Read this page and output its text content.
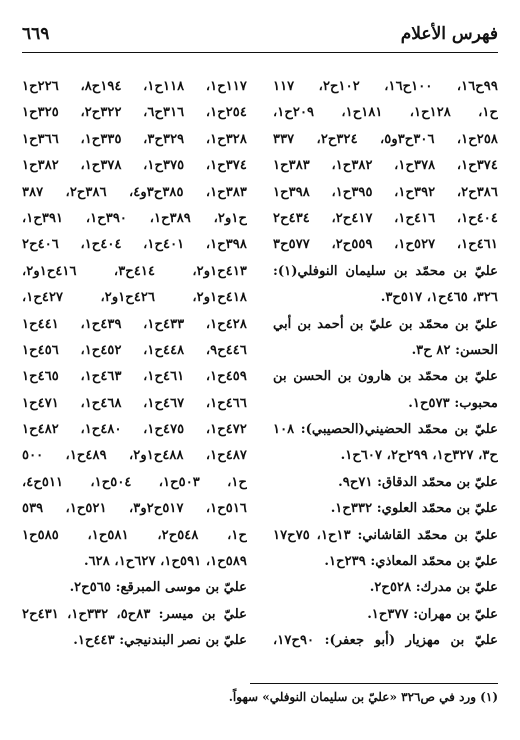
فهرس الأعلام
٦٦٩
٩٩ح١٦، ١٠٠ح١٦، ١٠٢ح٢، ١١٧
ح١، ١٢٨ح١، ١٨١ح١، ٢٠٩ح١،
٢٥٨ح١، ٣٠٦ح٣و٥، ٣٢٤ح٢، ٣٣٧
٣٧٤ح١، ٣٧٨ح١، ٣٨٢ح١، ٣٨٣ح١
٣٨٦ح٢، ٣٩٢ح١، ٣٩٥ح١، ٣٩٨ح١
٤٠٤ح١، ٤١٦ح١، ٤١٧ح٢، ٤٣٤ح٢
٤٦١ح١، ٥٢٧ح١، ٥٥٩ح٢، ٥٧٧ح٣
عليّ بن محمّد بن سليمان النوفلي(١):
٣٢٦، ٤٦٥ح١، ٥١٧ح٣.
عليّ بن محمّد بن عليّ بن أحمد بن أبي
الحسن: ٨٢ ح٣.
عليّ بن محمّد بن هارون بن الحسن بن
محبوب: ٥٧٣ح١.
عليّ بن محمّد الحضيني(الحصيبي): ١٠٨
ح٣، ٣٢٧ح١، ٢٩٩ح٢، ٦٠٧ح١.
عليّ بن محمّد الدقاق: ٧١ح٩.
عليّ بن محمّد العلوي: ٣٣٢ح١.
عليّ بن محمّد القاشاني: ١٣ح١، ٧٥ح١٧
عليّ بن محمّد المعاذي: ٢٣٩ح١.
عليّ بن مدرك: ٥٢٨ح٢.
عليّ بن مهران: ٣٧٧ح١.
عليّ بن مهزيار (أبو جعفر): ٩٠ح١٧،
١١٧ح١، ١١٨ح١، ١٩٤ح٨، ٢٢٦ح١
٢٥٤ح١، ٣١٦ح٦، ٣٢٢ح٢، ٣٢٥ح١
٣٢٨ح١، ٣٢٩ح٣، ٣٣٥ح١، ٣٦٦ح١
٣٧٤ح١، ٣٧٥ح١، ٣٧٨ح١، ٣٨٢ح١
٣٨٣ح١، ٣٨٥ح٣و٤، ٣٨٦ح٢، ٣٨٧
ح١و٢، ٣٨٩ح١، ٣٩٠ح١، ٣٩١ح١،
٣٩٨ح١، ٤٠١ح١، ٤٠٤ح١، ٤٠٦ح٢
٤١٣ح١و٢، ٤١٤ح٣، ٤١٦ح١و٢،
٤١٨ح١و٢، ٤٢٦ح١و٢، ٤٢٧ح١،
٤٢٨ح١، ٤٣٣ح١، ٤٣٩ح١، ٤٤١ح١
٤٤٦ح٩، ٤٤٨ح١، ٤٥٢ح١، ٤٥٦ح١
٤٥٩ح١، ٤٦١ح١، ٤٦٣ح١، ٤٦٥ح١
٤٦٦ح١، ٤٦٧ح١، ٤٦٨ح١، ٤٧١ح١
٤٧٢ح١، ٤٧٥ح١، ٤٨٠ح١، ٤٨٢ح١
٤٨٧ح١، ٤٨٨ح١و٢، ٤٨٩ح١، ٥٠٠
ح١، ٥٠٣ح١، ٥٠٤ح١، ٥١١ح٤،
٥١٦ح١، ٥١٧ح٢و٣، ٥٢١ح١، ٥٣٩
ح١، ٥٤٨ح٢، ٥٨١ح١، ٥٨٥ح١
٥٨٩ح١، ٥٩١ح١، ٦٢٧ح١، ٦٢٨.
عليّ بن موسى المبرقع: ٥٦٥ح٢.
عليّ بن ميسر: ٨٣ح٥، ٣٣٢ح١، ٤٣١ح٢
عليّ بن نصر البندنيجي: ٤٤٣ح١.
(١) ورد في ص٣٢٦ «عليّ بن سليمان النوفلي» سهواً.
